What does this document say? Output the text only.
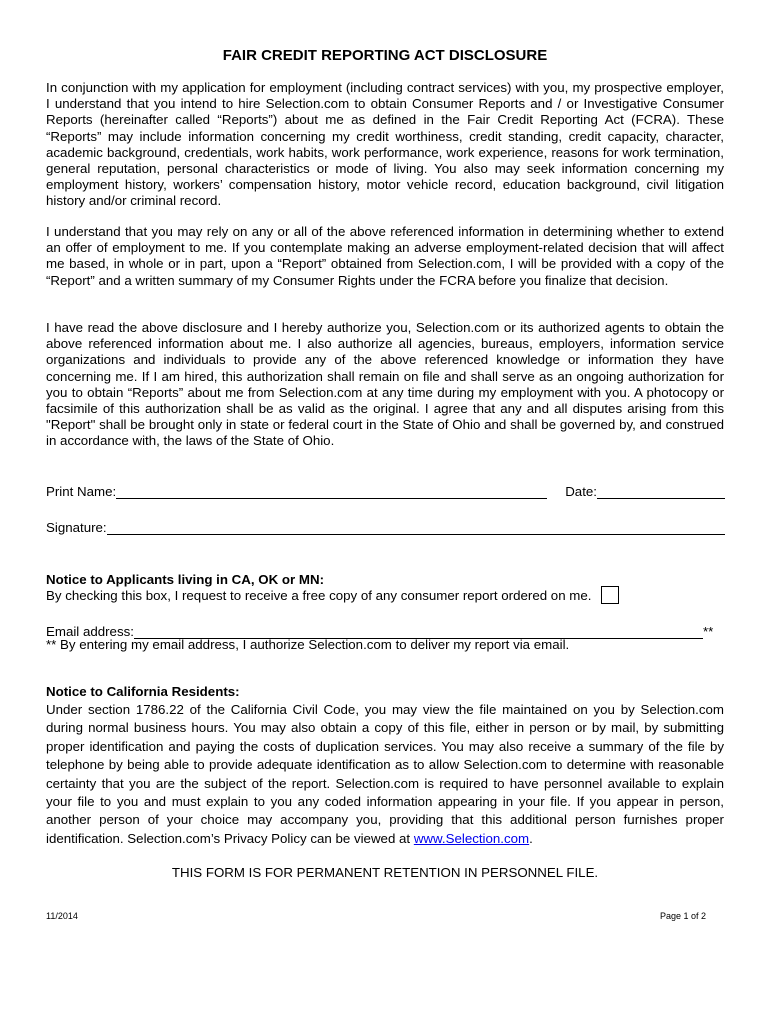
FAIR CREDIT REPORTING ACT DISCLOSURE

In conjunction with my application for employment (including contract services) with you, my prospective employer, I understand that you intend to hire Selection.com to obtain Consumer Reports and / or Investigative Consumer Reports (hereinafter called “Reports”) about me as defined in the Fair Credit Reporting Act (FCRA). These “Reports” may include information concerning my credit worthiness, credit standing, credit capacity, character, academic background, credentials, work habits, work performance, work experience, reasons for work termination, general reputation, personal characteristics or mode of living. You also may seek information concerning my employment history, workers’ compensation history, motor vehicle record, education background, civil litigation history and/or criminal record.

I understand that you may rely on any or all of the above referenced information in determining whether to extend an offer of employment to me. If you contemplate making an adverse employment-related decision that will affect me based, in whole or in part, upon a “Report” obtained from Selection.com, I will be provided with a copy of the “Report” and a written summary of my Consumer Rights under the FCRA before you finalize that decision.

I have read the above disclosure and I hereby authorize you, Selection.com or its authorized agents to obtain the above referenced information about me. I also authorize all agencies, bureaus, employers, information service organizations and individuals to provide any of the above referenced knowledge or information they have concerning me. If I am hired, this authorization shall remain on file and shall serve as an ongoing authorization for you to obtain “Reports” about me from Selection.com at any time during my employment with you. A photocopy or facsimile of this authorization shall be as valid as the original. I agree that any and all disputes arising from this "Report" shall be brought only in state or federal court in the State of Ohio and shall be governed by, and construed in accordance with, the laws of the State of Ohio.

Print Name:	Date:
Signature:

Notice to Applicants living in CA, OK or MN:

By checking this box, I request to receive a free copy of any consumer report ordered on me.
Email address:	**

** By entering my email address, I authorize Selection.com to deliver my report via email.

Notice to California Residents:

Under section 1786.22 of the California Civil Code, you may view the file maintained on you by Selection.com during normal business hours. You may also obtain a copy of this file, either in person or by mail, by submitting proper identification and paying the costs of duplication services. You may also receive a summary of the file by telephone by being able to provide adequate identification as to allow Selection.com to determine with reasonable certainty that you are the subject of the report. Selection.com is required to have personnel available to explain your file to you and must explain to you any coded information appearing in your file. If you appear in person, another person of your choice may accompany you, providing that this additional person furnishes proper identification. Selection.com’s Privacy Policy can be viewed at www.Selection.com.

THIS FORM IS FOR PERMANENT RETENTION IN PERSONNEL FILE.

11/2014	Page 1 of 2
